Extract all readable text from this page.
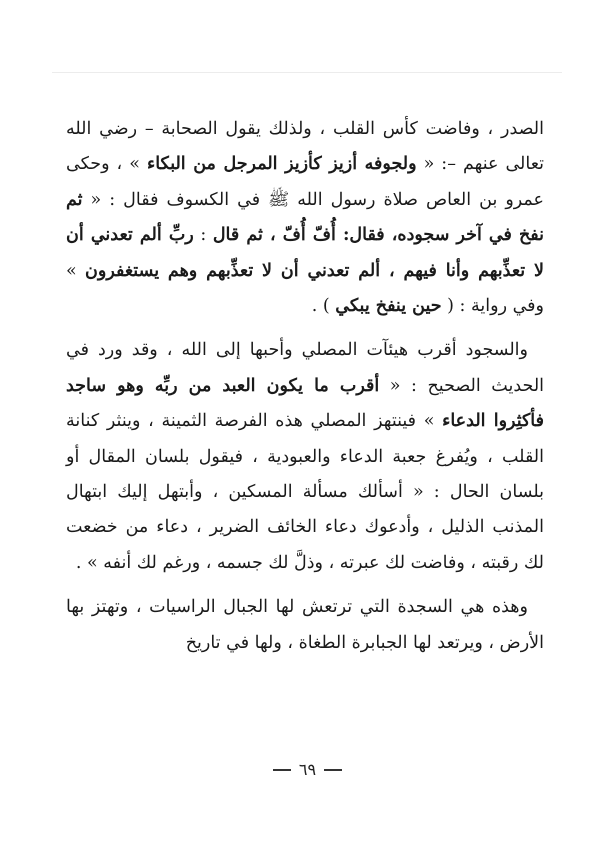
الصدر ، وفاضت كأس القلب ، ولذلك يقول الصحابة – رضي الله تعالى عنهم –: « ولجوفه أزيز كأزيز المرجل من البكاء » ، وحكى عمرو بن العاص صلاة رسول الله ﷺ في الكسوف فقال : « ثم نفخ في آخر سجوده، فقال: أُفّ أُفّ ، ثم قال : ربِّ ألم تعدني أن لا تعذِّبهم وأنا فيهم ، ألم تعدني أن لا تعذِّبهم وهم يستغفرون » وفي رواية : ( حين ينفخ يبكي ) .

والسجود أقرب هيئآت المصلي وأحبها إلى الله ، وقد ورد في الحديث الصحيح : « أقرب ما يكون العبد من ربِّه وهو ساجد فأكثِروا الدعاء » فينتهز المصلي هذه الفرصة الثمينة ، وينثر كنانة القلب ، ويُفرغ جعبة الدعاء والعبودية ، فيقول بلسان المقال أو بلسان الحال : « أسألك مسألة المسكين ، وأبتهل إليك ابتهال المذنب الذليل ، وأدعوك دعاء الخائف الضرير ، دعاء من خضعت لك رقبته ، وفاضت لك عبرته ، وذلَّ لك جسمه ، ورغم لك أنفه » .

وهذه هي السجدة التي ترتعش لها الجبال الراسيات ، وتهتز بها الأرض ، ويرتعد لها الجبابرة الطغاة ، ولها في تاريخ

٦٩
